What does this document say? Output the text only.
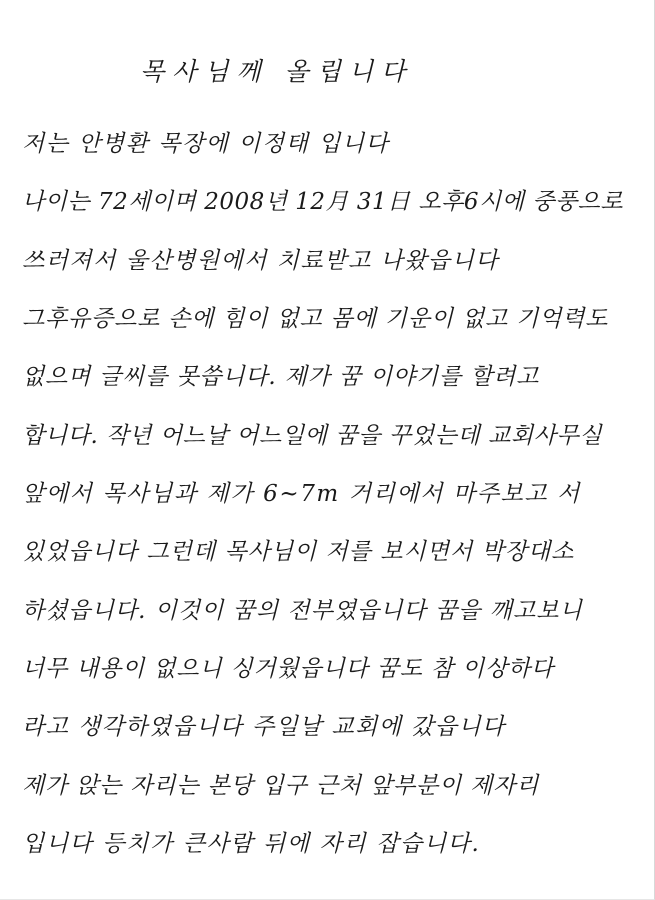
목사님께 올립니다
저는 안병환 목장에 이정태 입니다
나이는 72세이며 2008년 12月 31日 오후6시에 중풍으로
쓰러져서 울산병원에서 치료받고 나왔읍니다
그후유증으로 손에 힘이 없고 몸에 기운이 없고 기억력도
없으며 글씨를 못씁니다. 제가 꿈 이야기를 할려고
합니다. 작년 어느날 어느일에 꿈을 꾸었는데 교회사무실
앞에서 목사님과 제가 6~7m 거리에서 마주보고 서
있었읍니다 그런데 목사님이 저를 보시면서 박장대소
하셨읍니다. 이것이 꿈의 전부였읍니다 꿈을 깨고보니
너무 내용이 없으니 싱거웠읍니다 꿈도 참 이상하다
라고 생각하였읍니다 주일날 교회에 갔읍니다
제가 앉는 자리는 본당 입구 근처 앞부분이 제자리
입니다 등치가 큰사람 뒤에 자리 잡습니다.
